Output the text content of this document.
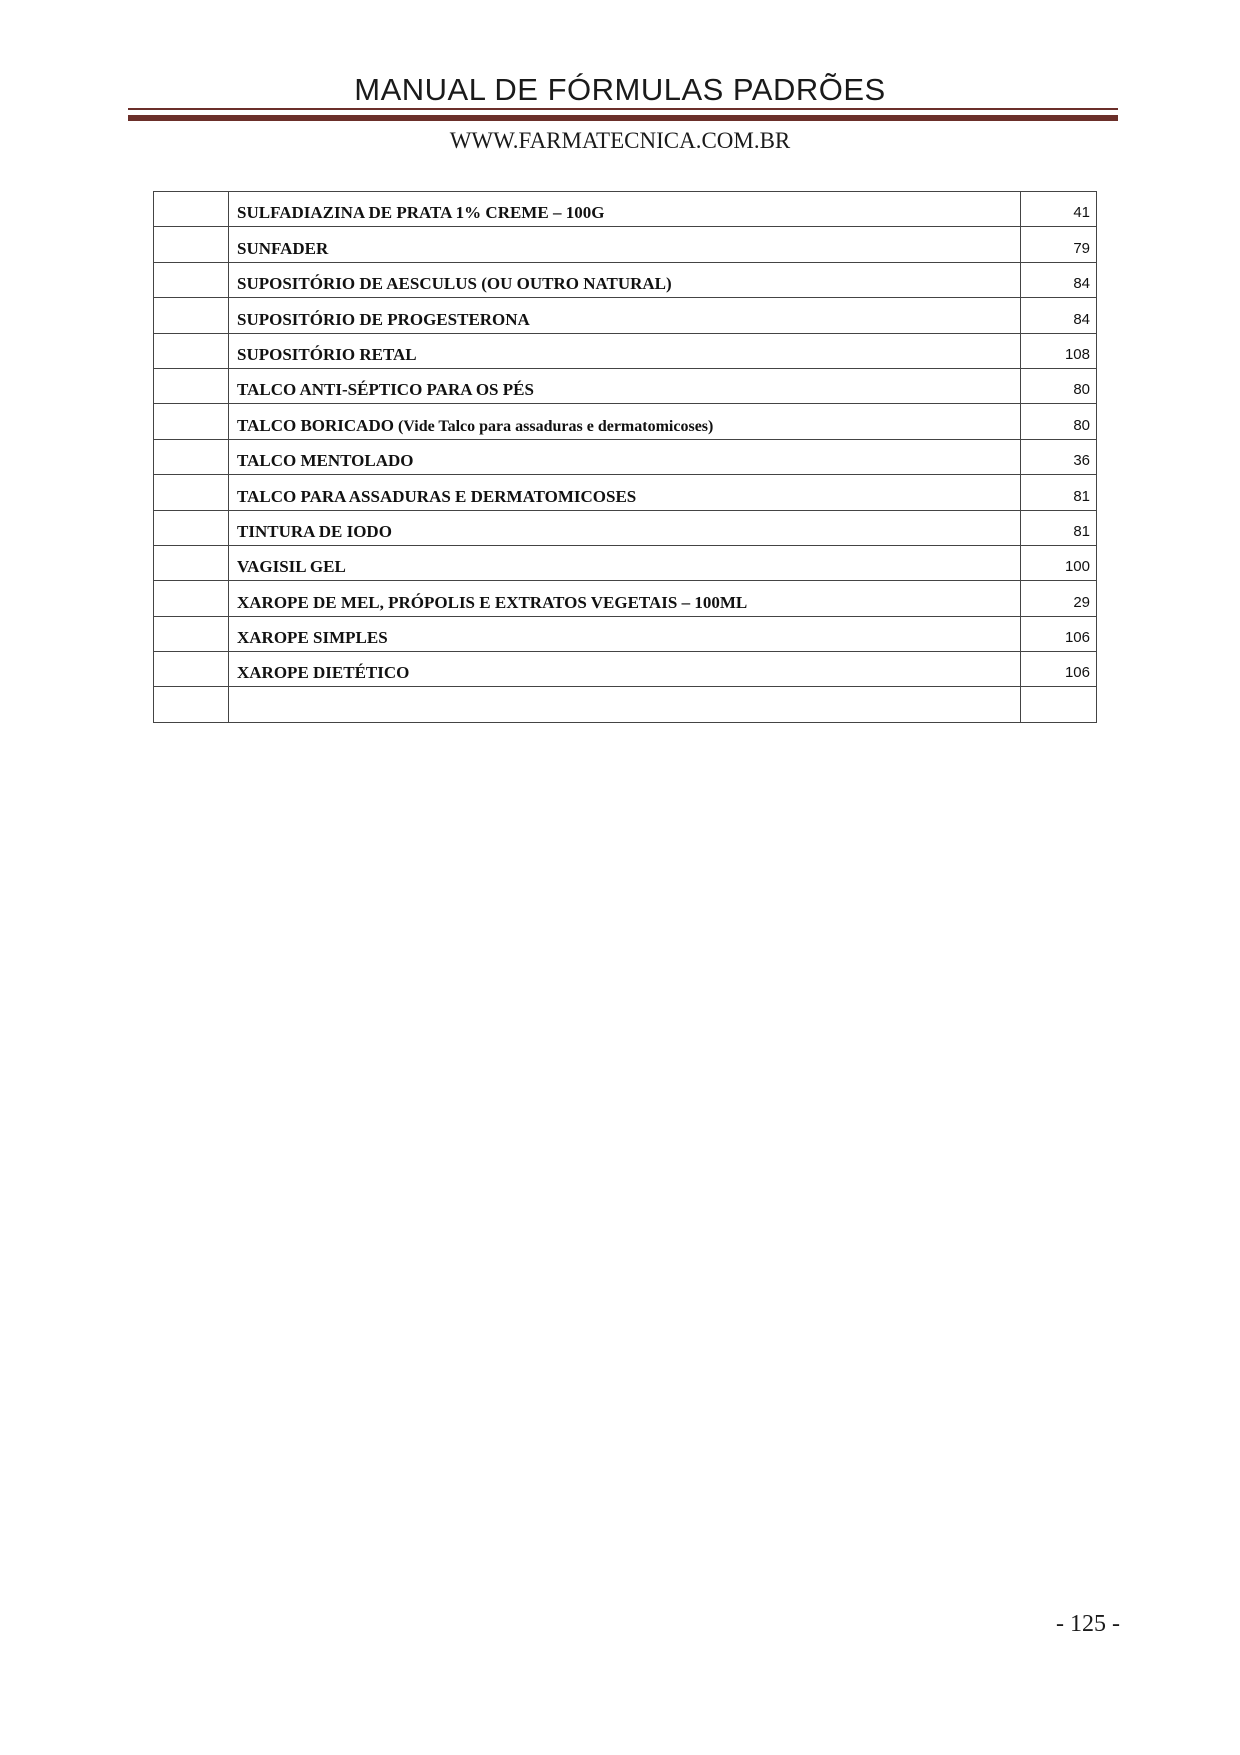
MANUAL DE FÓRMULAS PADRÕES
WWW.FARMATECNICA.COM.BR
	SULFADIAZINA DE PRATA 1% CREME – 100G	41
	SUNFADER	79
	SUPOSITÓRIO DE AESCULUS (OU OUTRO NATURAL)	84
	SUPOSITÓRIO DE PROGESTERONA	84
	SUPOSITÓRIO RETAL	108
	TALCO ANTI-SÉPTICO PARA OS PÉS	80
	TALCO BORICADO (Vide Talco para assaduras e dermatomicoses)	80
	TALCO MENTOLADO	36
	TALCO PARA ASSADURAS E DERMATOMICOSES	81
	TINTURA DE IODO	81
	VAGISIL GEL	100
	XAROPE DE MEL, PRÓPOLIS E EXTRATOS VEGETAIS – 100ML	29
	XAROPE SIMPLES	106
	XAROPE DIETÉTICO	106

- 125 -
